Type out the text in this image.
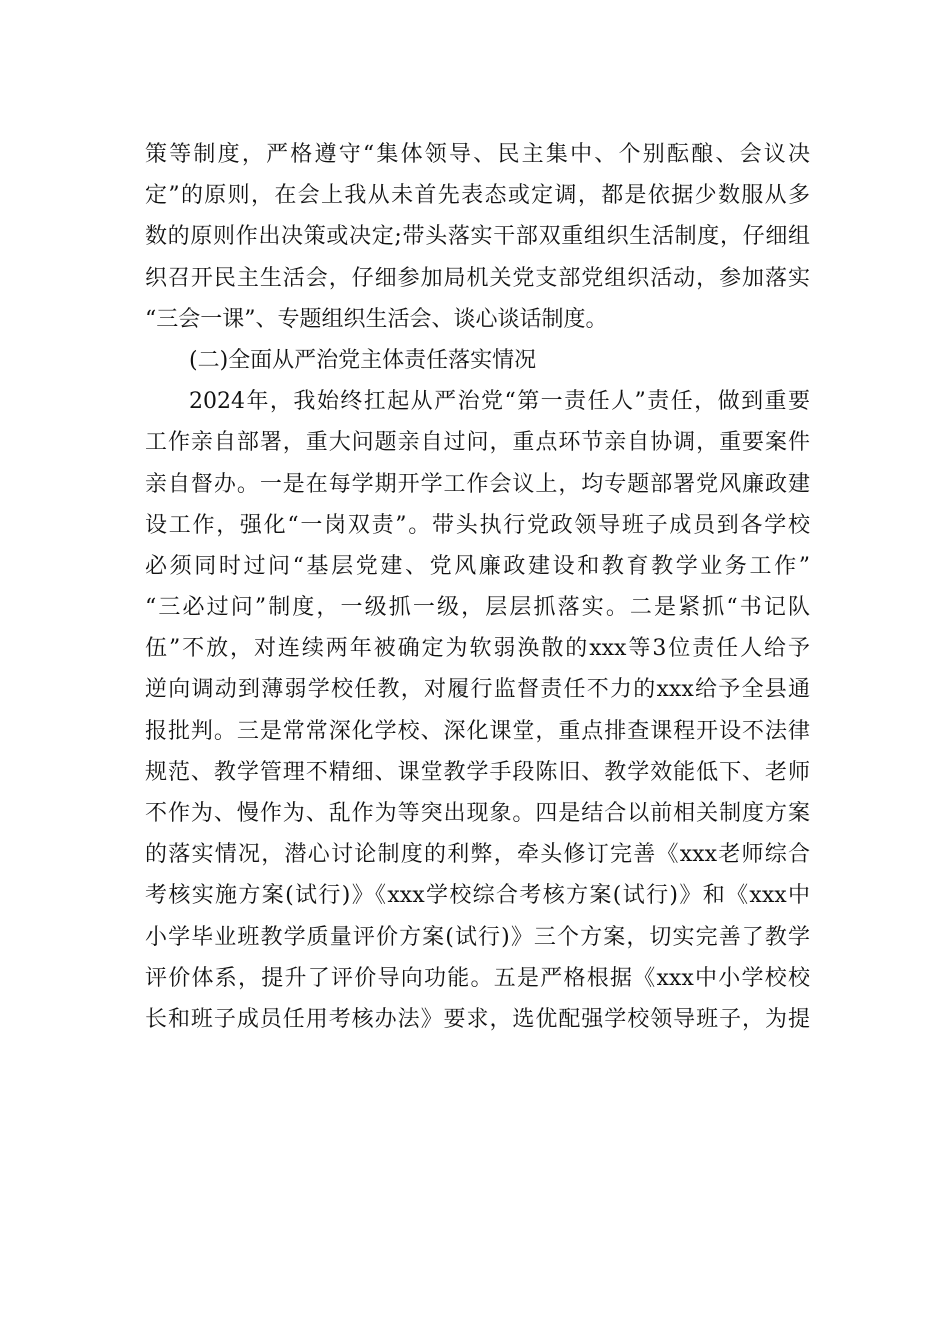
策等制度，严格遵守“集体领导、民主集中、个别酝酿、会议决
定”的原则，在会上我从未首先表态或定调，都是依据少数服从多
数的原则作出决策或决定;带头落实干部双重组织生活制度，仔细组
织召开民主生活会，仔细参加局机关党支部党组织活动，参加落实
“三会一课”、专题组织生活会、谈心谈话制度。
(二)全面从严治党主体责任落实情况
2024年，我始终扛起从严治党“第一责任人”责任，做到重要
工作亲自部署，重大问题亲自过问，重点环节亲自协调，重要案件
亲自督办。一是在每学期开学工作会议上，均专题部署党风廉政建
设工作，强化“一岗双责”。带头执行党政领导班子成员到各学校
必须同时过问“基层党建、党风廉政建设和教育教学业务工作”
“三必过问”制度，一级抓一级，层层抓落实。二是紧抓“书记队
伍”不放，对连续两年被确定为软弱涣散的xxx等3位责任人给予
逆向调动到薄弱学校任教，对履行监督责任不力的xxx给予全县通
报批判。三是常常深化学校、深化课堂，重点排查课程开设不法律
规范、教学管理不精细、课堂教学手段陈旧、教学效能低下、老师
不作为、慢作为、乱作为等突出现象。四是结合以前相关制度方案
的落实情况，潜心讨论制度的利弊，牵头修订完善《xxx老师综合
考核实施方案(试行)》《xxx学校综合考核方案(试行)》和《xxx中
小学毕业班教学质量评价方案(试行)》三个方案，切实完善了教学
评价体系，提升了评价导向功能。五是严格根据《xxx中小学校校
长和班子成员任用考核办法》要求，选优配强学校领导班子，为提
